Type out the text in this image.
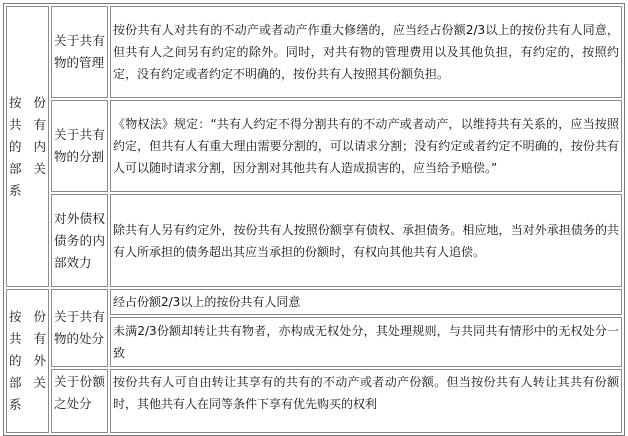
按份共有的内部关系	关于共有物的管理	按份共有人对共有的不动产或者动产作重大修缮的，应当经占份额2/3以上的按份共有人同意，但共有人之间另有约定的除外。同时，对共有物的管理费用以及其他负担，有约定的，按照约定，没有约定或者约定不明确的，按份共有人按照其份额负担。
	关于共有物的分割	《物权法》规定：“共有人约定不得分割共有的不动产或者动产，以维持共有关系的，应当按照约定，但共有人有重大理由需要分割的，可以请求分割；没有约定或者约定不明确的，按份共有人可以随时请求分割，因分割对其他共有人造成损害的，应当给予赔偿。”
	对外债权债务的内部效力	除共有人另有约定外，按份共有人按照份额享有债权、承担债务。相应地，当对外承担债务的共有人所承担的债务超出其应当承担的份额时，有权向其他共有人追偿。
按份共有的外部关系	关于共有物的处分	经占份额2/3以上的按份共有人同意
		未满2/3份额却转让共有物者，亦构成无权处分，其处理规则，与共同共有情形中的无权处分一致
	关于份额之处分	按份共有人可自由转让其享有的共有的不动产或者动产份额。但当按份共有人转让其共有份额时，其他共有人在同等条件下享有优先购买的权利
